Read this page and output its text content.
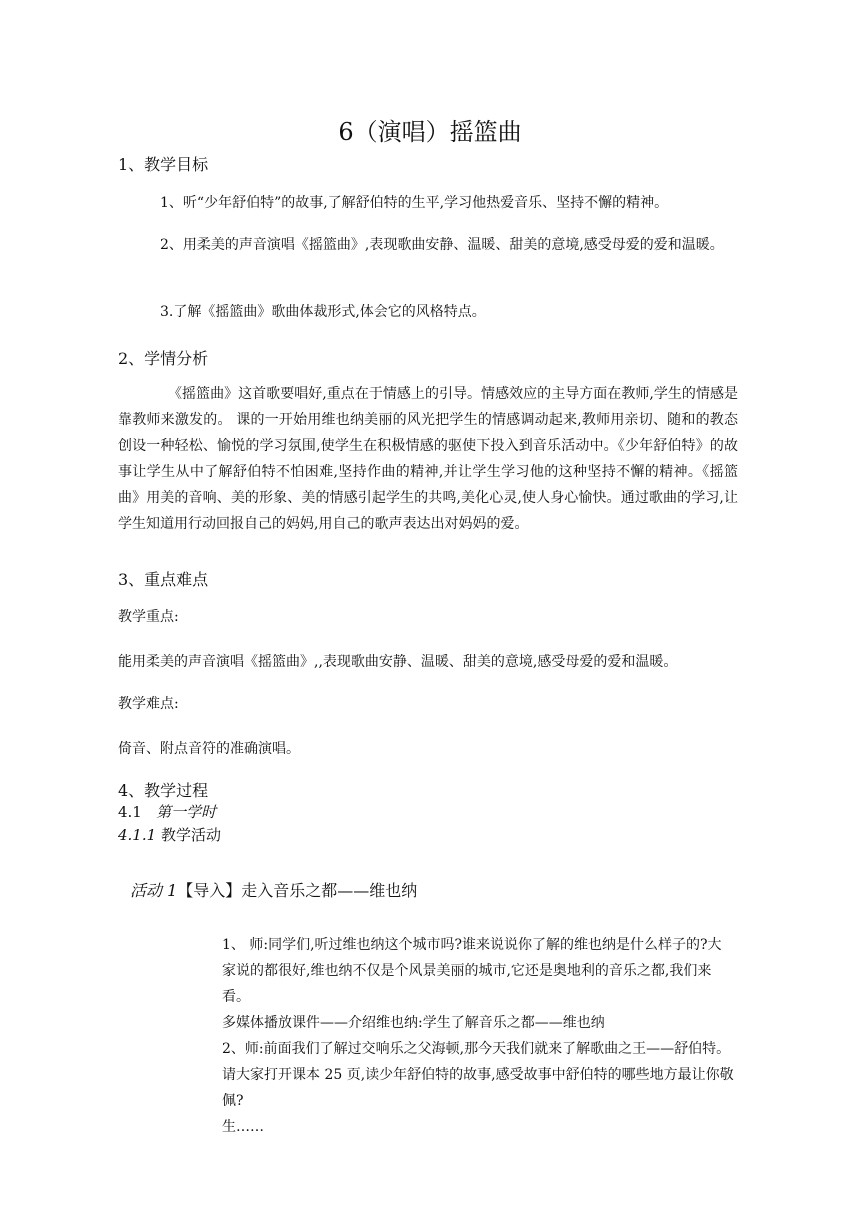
6（演唱）摇篮曲
1、教学目标
1、听“少年舒伯特”的故事,了解舒伯特的生平,学习他热爱音乐、坚持不懈的精神。
2、用柔美的声音演唱《摇篮曲》,表现歌曲安静、温暖、甜美的意境,感受母爱的爱和温暖。
3.了解《摇篮曲》歌曲体裁形式,体会它的风格特点。
2、学情分析
《摇篮曲》这首歌要唱好,重点在于情感上的引导。情感效应的主导方面在教师,学生的情感是靠教师来激发的。 课的一开始用维也纳美丽的风光把学生的情感调动起来,教师用亲切、随和的教态创设一种轻松、愉悦的学习氛围,使学生在积极情感的驱使下投入到音乐活动中。《少年舒伯特》的故事让学生从中了解舒伯特不怕困难,坚持作曲的精神,并让学生学习他的这种坚持不懈的精神。《摇篮曲》用美的音响、美的形象、美的情感引起学生的共鸣,美化心灵,使人身心愉快。通过歌曲的学习,让学生知道用行动回报自己的妈妈,用自己的歌声表达出对妈妈的爱。
3、重点难点
教学重点:
能用柔美的声音演唱《摇篮曲》,,表现歌曲安静、温暖、甜美的意境,感受母爱的爱和温暖。
教学难点:
倚音、附点音符的准确演唱。
4、教学过程
4.1 第一学时
4.1.1 教学活动
活动 1【导入】走入音乐之都——维也纳
1、 师:同学们,听过维也纳这个城市吗?谁来说说你了解的维也纳是什么样子的?大家说的都很好,维也纳不仅是个风景美丽的城市,它还是奥地利的音乐之都,我们来看。
多媒体播放课件——介绍维也纳:学生了解音乐之都——维也纳
2、师:前面我们了解过交响乐之父海顿,那今天我们就来了解歌曲之王——舒伯特。请大家打开课本 25 页,读少年舒伯特的故事,感受故事中舒伯特的哪些地方最让你敬佩?
生……
